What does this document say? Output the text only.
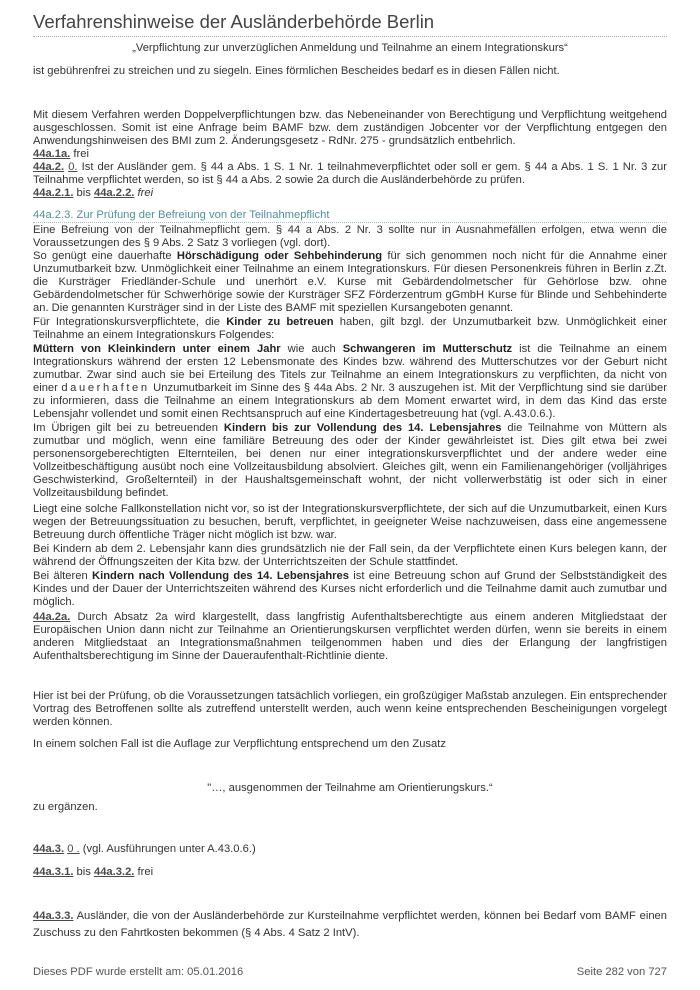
Verfahrenshinweise der Ausländerbehörde Berlin
„Verpflichtung zur unverzüglichen Anmeldung und Teilnahme an einem Integrationskurs“
ist gebührenfrei zu streichen und zu siegeln. Eines förmlichen Bescheides bedarf es in diesen Fällen nicht.
Mit diesem Verfahren werden Doppelverpflichtungen bzw. das Nebeneinander von Berechtigung und Verpflichtung weitgehend ausgeschlossen. Somit ist eine Anfrage beim BAMF bzw. dem zuständigen Jobcenter vor der Verpflichtung entgegen den Anwendungshinweisen des BMI zum 2. Änderungsgesetz - RdNr. 275 - grundsätzlich entbehrlich.
44a.1a. frei
44a.2. 0. Ist der Ausländer gem. § 44 a Abs. 1 S. 1 Nr. 1 teilnahmeverpflichtet oder soll er gem. § 44 a Abs. 1 S. 1 Nr. 3 zur Teilnahme verpflichtet werden, so ist § 44 a Abs. 2 sowie 2a durch die Ausländerbehörde zu prüfen.
44a.2.1. bis 44a.2.2. frei
44a.2.3. Zur Prüfung der Befreiung von der Teilnahmepflicht
Eine Befreiung von der Teilnahmepflicht gem. § 44 a Abs. 2 Nr. 3 sollte nur in Ausnahmefällen erfolgen, etwa wenn die Voraussetzungen des § 9 Abs. 2 Satz 3 vorliegen (vgl. dort).
So genügt eine dauerhafte Hörschädigung oder Sehbehinderung für sich genommen noch nicht für die Annahme einer Unzumutbarkeit bzw. Unmöglichkeit einer Teilnahme an einem Integrationskurs. Für diesen Personenkreis führen in Berlin z.Zt. die Kursträger Friedländer-Schule und unerhört e.V. Kurse mit Gebärdendolmetscher für Gehörlose bzw. ohne Gebärdendolmetscher für Schwerhörige sowie der Kursträger SFZ Förderzentrum gGmbH Kurse für Blinde und Sehbehinderte an. Die genannten Kursträger sind in der Liste des BAMF mit speziellen Kursangeboten genannt.
Für Integrationskursverpflichtete, die Kinder zu betreuen haben, gilt bzgl. der Unzumutbarkeit bzw. Unmöglichkeit einer Teilnahme an einem Integrationskurs Folgendes:
Müttern von Kleinkindern unter einem Jahr wie auch Schwangeren im Mutterschutz ist die Teilnahme an einem Integrationskurs während der ersten 12 Lebensmonate des Kindes bzw. während des Mutterschutzes vor der Geburt nicht zumutbar. Zwar sind auch sie bei Erteilung des Titels zur Teilnahme an einem Integrationskurs zu verpflichten, da nicht von einer dauerhaften Unzumutbarkeit im Sinne des § 44a Abs. 2 Nr. 3 auszugehen ist. Mit der Verpflichtung sind sie darüber zu informieren, dass die Teilnahme an einem Integrationskurs ab dem Moment erwartet wird, in dem das Kind das erste Lebensjahr vollendet und somit einen Rechtsanspruch auf eine Kindertagesbetreuung hat (vgl. A.43.0.6.).
Im Übrigen gilt bei zu betreuenden Kindern bis zur Vollendung des 14. Lebensjahres die Teilnahme von Müttern als zumutbar und möglich, wenn eine familiäre Betreuung des oder der Kinder gewährleistet ist. Dies gilt etwa bei zwei personensorgeberechtigten Elternteilen, bei denen nur einer integrationskursverpflichtet und der andere weder eine Vollzeitbeschäftigung ausübt noch eine Vollzeitausbildung absolviert. Gleiches gilt, wenn ein Familienangehöriger (volljähriges Geschwisterkind, Großelternteil) in der Haushaltsgemeinschaft wohnt, der nicht vollerwerbstätig ist oder sich in einer Vollzeitausbildung befindet.
Liegt eine solche Fallkonstellation nicht vor, so ist der Integrationskursverpflichtete, der sich auf die Unzumutbarkeit, einen Kurs wegen der Betreuungssituation zu besuchen, beruft, verpflichtet, in geeigneter Weise nachzuweisen, dass eine angemessene Betreuung durch öffentliche Träger nicht möglich ist bzw. war.
Bei Kindern ab dem 2. Lebensjahr kann dies grundsätzlich nie der Fall sein, da der Verpflichtete einen Kurs belegen kann, der während der Öffnungszeiten der Kita bzw. der Unterrichtszeiten der Schule stattfindet.
Bei älteren Kindern nach Vollendung des 14. Lebensjahres ist eine Betreuung schon auf Grund der Selbstständigkeit des Kindes und der Dauer der Unterrichtszeiten während des Kurses nicht erforderlich und die Teilnahme damit auch zumutbar und möglich.
44a.2a. Durch Absatz 2a wird klargestellt, dass langfristig Aufenthaltsberechtigte aus einem anderen Mitgliedstaat der Europäischen Union dann nicht zur Teilnahme an Orientierungskursen verpflichtet werden dürfen, wenn sie bereits in einem anderen Mitgliedstaat an Integrationsmaßnahmen teilgenommen haben und dies der Erlangung der langfristigen Aufenthaltsberechtigung im Sinne der Daueraufenthalt-Richtlinie diente.
Hier ist bei der Prüfung, ob die Voraussetzungen tatsächlich vorliegen, ein großzügiger Maßstab anzulegen. Ein entsprechender Vortrag des Betroffenen sollte als zutreffend unterstellt werden, auch wenn keine entsprechenden Bescheinigungen vorgelegt werden können.
In einem solchen Fall ist die Auflage zur Verpflichtung entsprechend um den Zusatz
"…, ausgenommen der Teilnahme am Orientierungskurs.“
zu ergänzen.
44a.3. 0 . (vgl. Ausführungen unter A.43.0.6.)
44a.3.1. bis 44a.3.2. frei
44a.3.3. Ausländer, die von der Ausländerbehörde zur Kursteilnahme verpflichtet werden, können bei Bedarf vom BAMF einen Zuschuss zu den Fahrtkosten bekommen (§ 4 Abs. 4 Satz 2 IntV).
Dieses PDF wurde erstellt am: 05.01.2016	Seite 282 von 727
